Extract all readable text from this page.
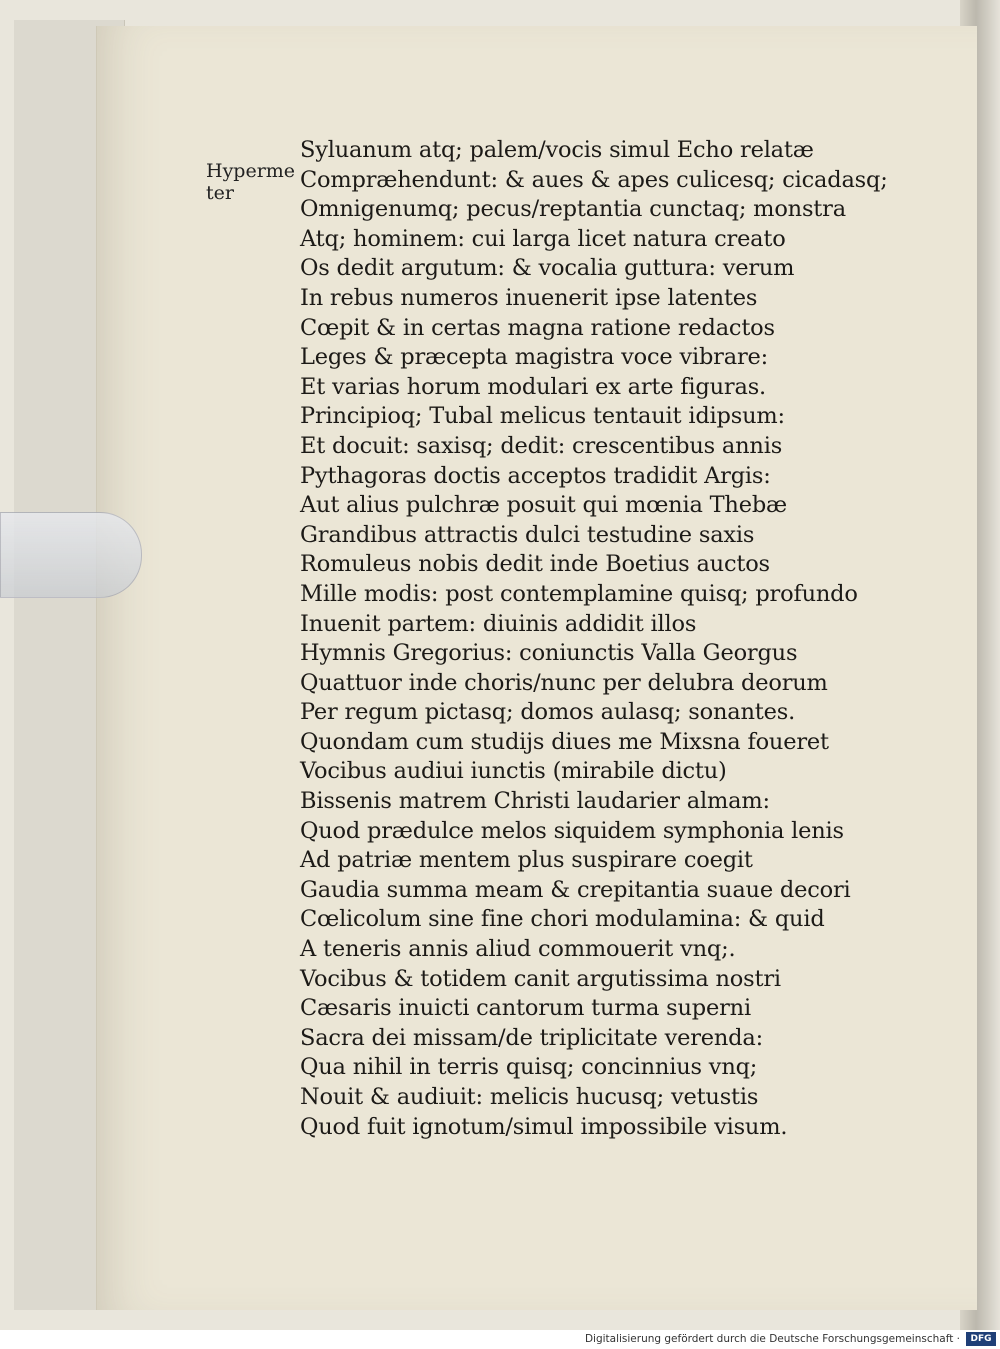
Hyperme
ter
Syluanum atq; palem/vocis simul Echo relatæ
Compræhendunt: & aues & apes culicesq; cicadasq;
Omnigenumq; pecus/reptantia cunctaq; monstra
Atq; hominem: cui larga licet natura creato
Os dedit argutum: & vocalia guttura: verum
In rebus numeros inuenerit ipse latentes
Cœpit & in certas magna ratione redactos
Leges & præcepta magistra voce vibrare:
Et varias horum modulari ex arte figuras.
Principioq; Tubal melicus tentauit idipsum:
Et docuit: saxisq; dedit: crescentibus annis
Pythagoras doctis acceptos tradidit Argis:
Aut alius pulchræ posuit qui mœnia Thebæ
Grandibus attractis dulci testudine saxis
Romuleus nobis dedit inde Boetius auctos
Mille modis: post contemplamine quisq; profundo
Inuenit partem: diuinis addidit illos
Hymnis Gregorius: coniunctis Valla Georgus
Quattuor inde choris/nunc per delubra deorum
Per regum pictasq; domos aulasq; sonantes.
Quondam cum studijs diues me Mixsna foueret
Vocibus audiui iunctis (mirabile dictu)
Bissenis matrem Christi laudarier almam:
Quod prædulce melos siquidem symphonia lenis
Ad patriæ mentem plus suspirare coegit
Gaudia summa meam & crepitantia suaue decori
Cœlicolum sine fine chori modulamina: & quid
A teneris annis aliud commouerit vnq;.
Vocibus & totidem canit argutissima nostri
Cæsaris inuicti cantorum turma superni
Sacra dei missam/de triplicitate verenda:
Qua nihil in terris quisq; concinnius vnq;
Nouit & audiuit: melicis hucusq; vetustis
Quod fuit ignotum/simul impossibile visum.
Digitalisierung gefördert durch die Deutsche Forschungsgemeinschaft ·	DFG
